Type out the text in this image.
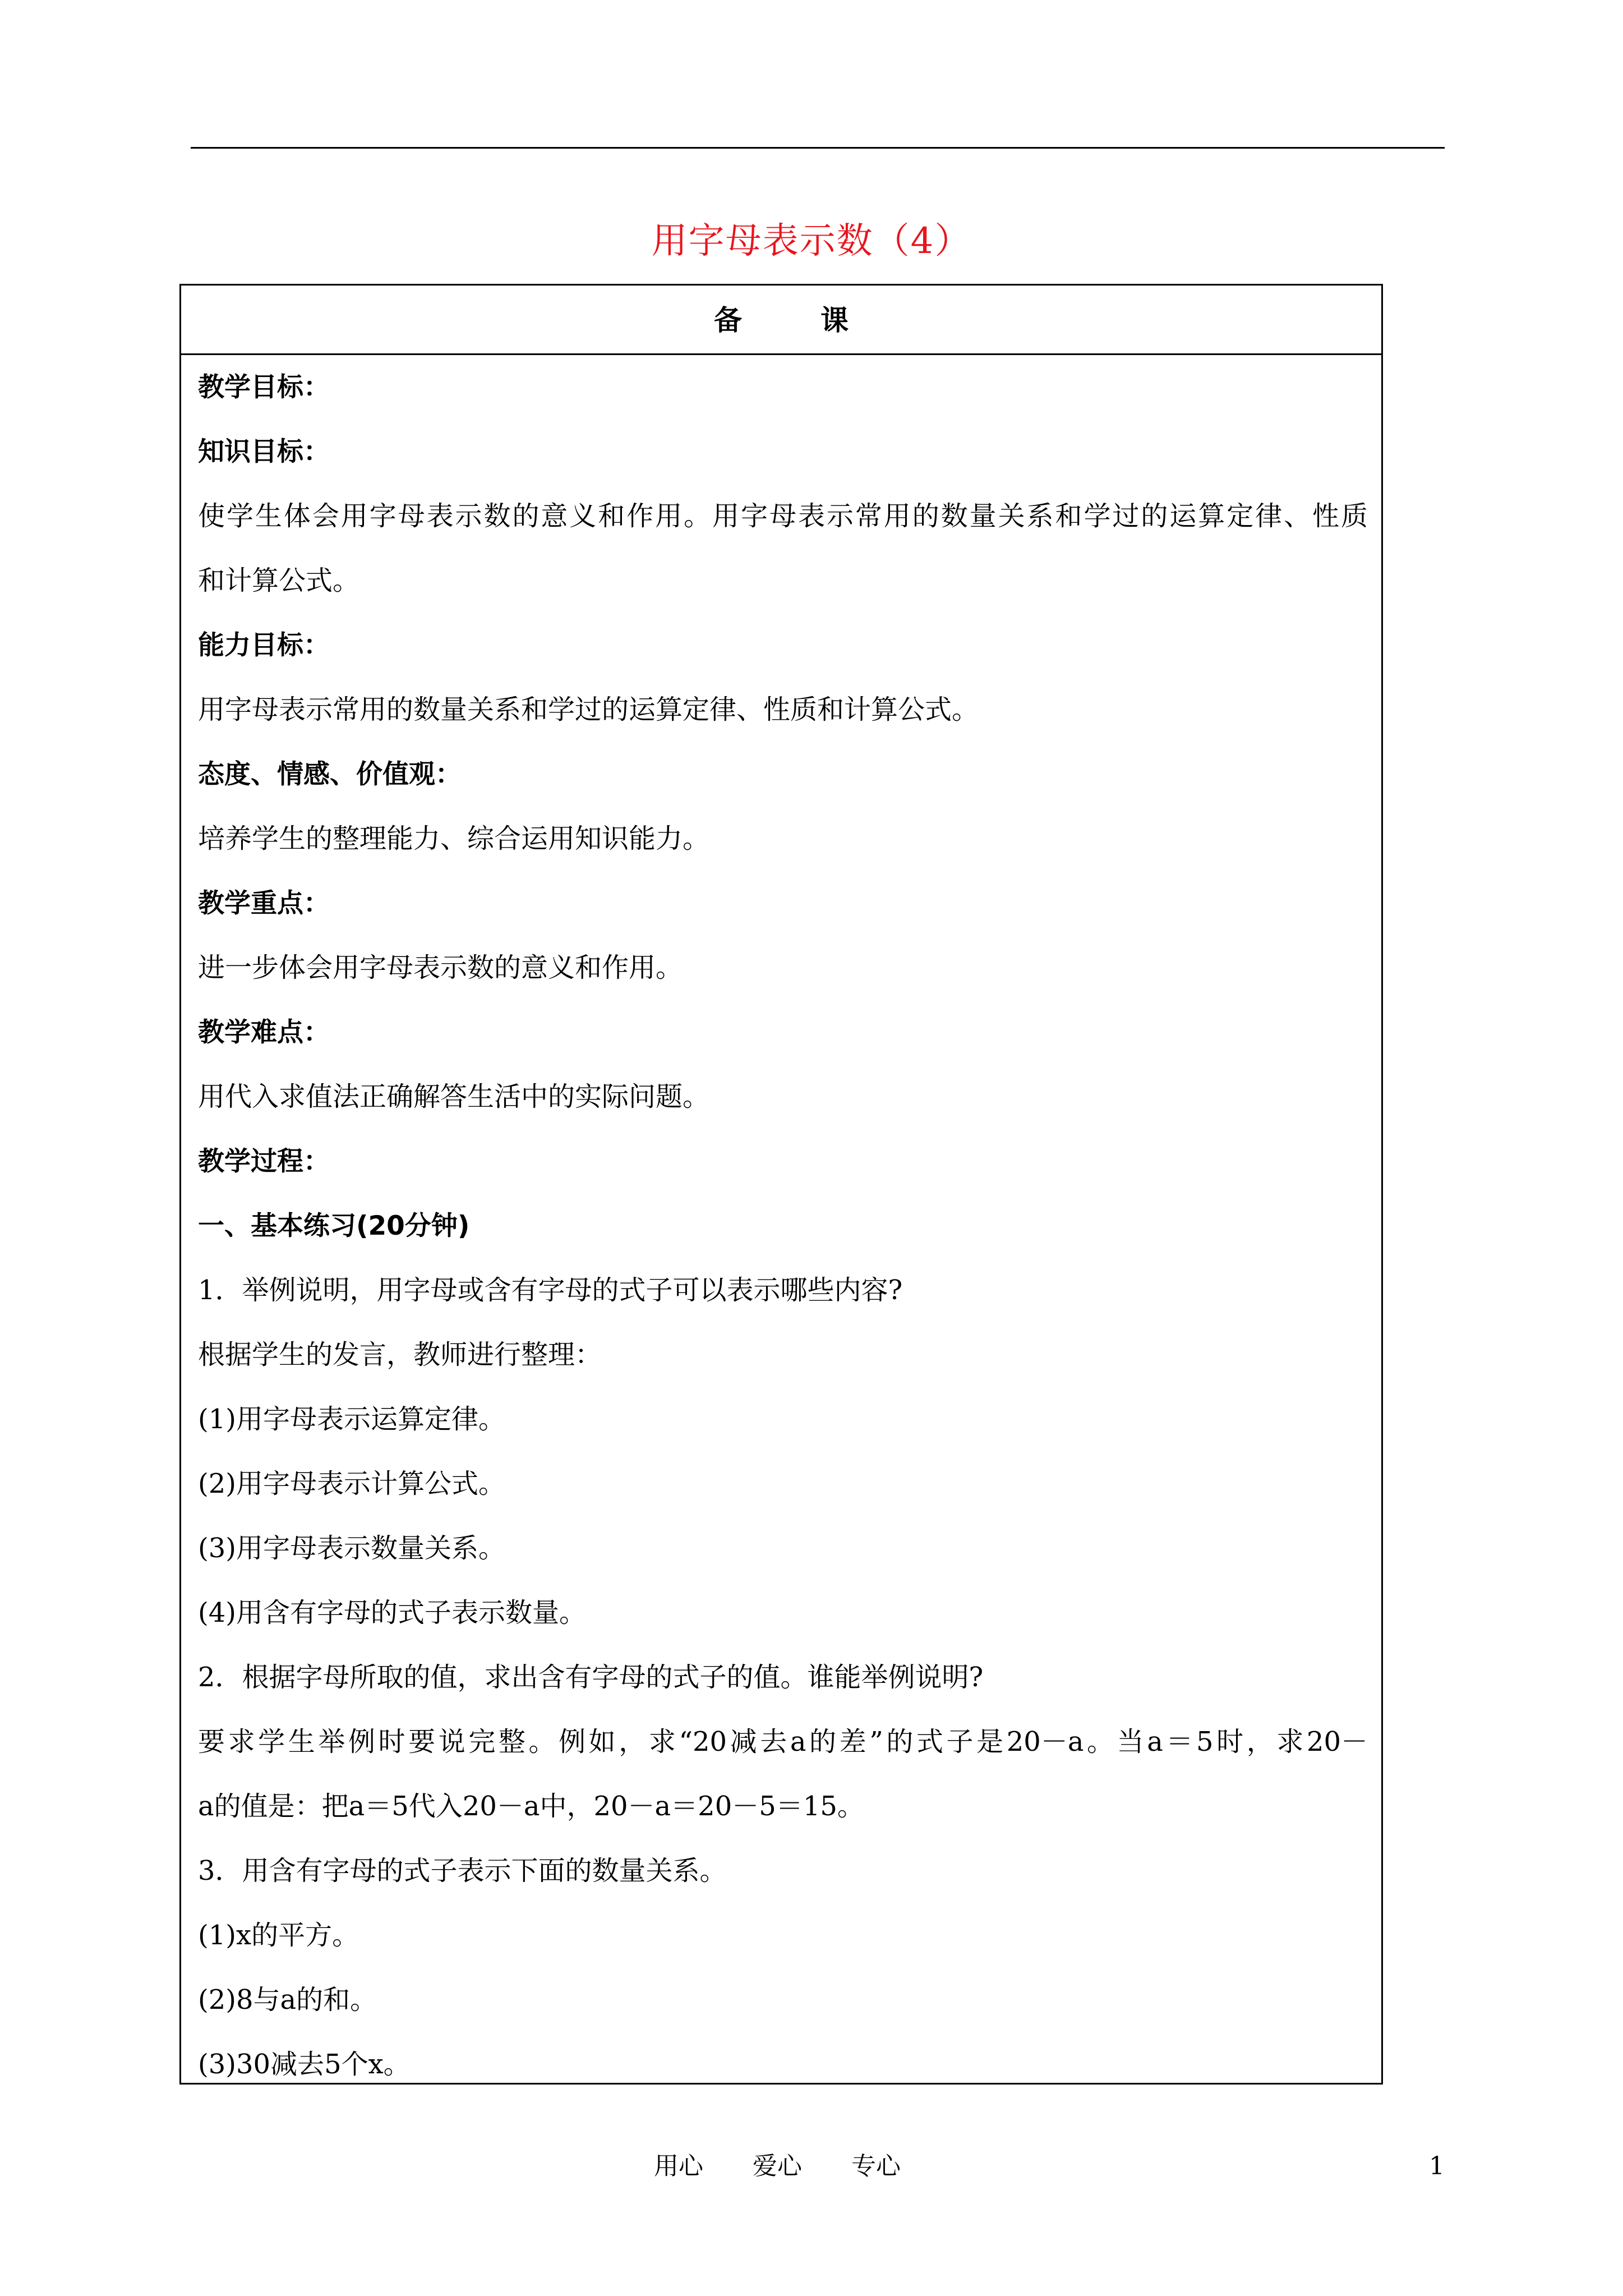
用字母表示数（4）
备课
教学目标：
知识目标：
使学生体会用字母表示数的意义和作用。用字母表示常用的数量关系和学过的运算定律、性质
和计算公式。
能力目标：
用字母表示常用的数量关系和学过的运算定律、性质和计算公式。
态度、情感、价值观：
培养学生的整理能力、综合运用知识能力。
教学重点：
进一步体会用字母表示数的意义和作用。
教学难点：
用代入求值法正确解答生活中的实际问题。
教学过程：
一、基本练习(20分钟)
1．举例说明，用字母或含有字母的式子可以表示哪些内容?
根据学生的发言，教师进行整理：
(1)用字母表示运算定律。
(2)用字母表示计算公式。
(3)用字母表示数量关系。
(4)用含有字母的式子表示数量。
2．根据字母所取的值，求出含有字母的式子的值。谁能举例说明?
要求学生举例时要说完整。例如，求“20减去a的差”的式子是20－a。当a＝5时，求20－
a的值是：把a＝5代入20－a中，20－a＝20－5＝15。
3．用含有字母的式子表示下面的数量关系。
(1)x的平方。
(2)8与a的和。
(3)30减去5个x。
用心　　爱心　　专心	1
